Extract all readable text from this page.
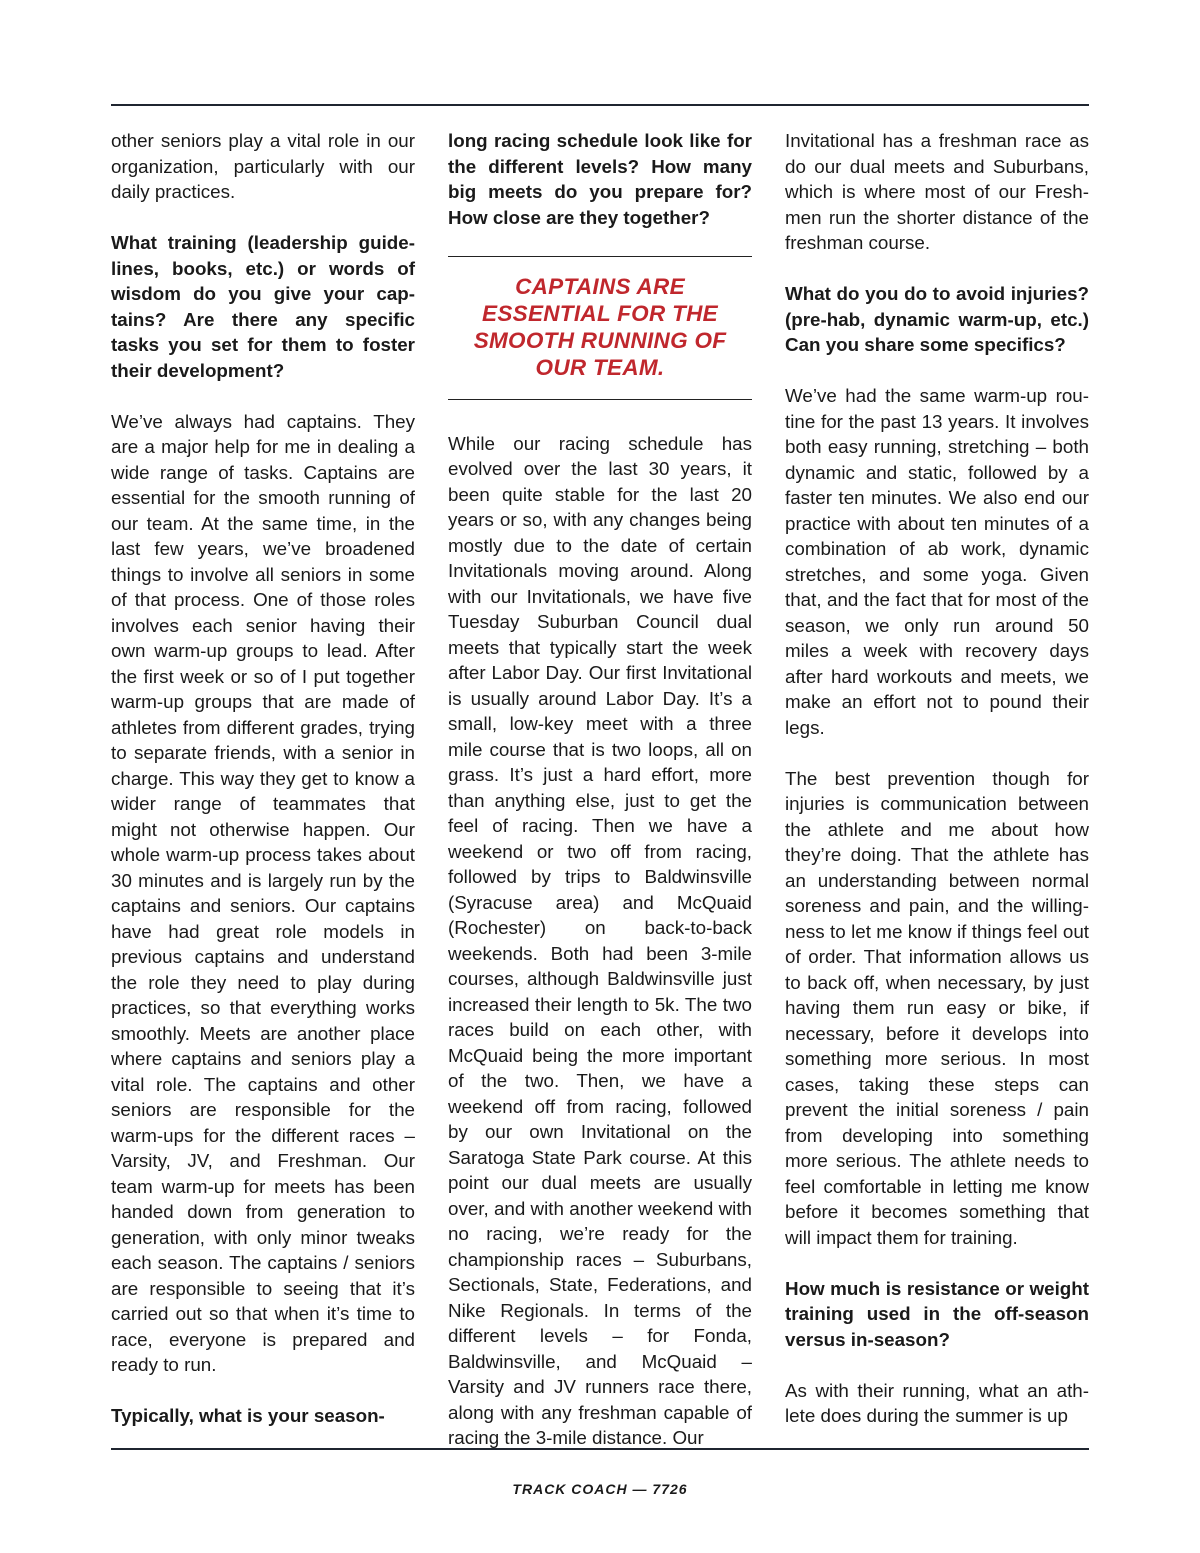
other seniors play a vital role in our organization, particularly with our daily practices.

What training (leadership guidelines, books, etc.) or words of wisdom do you give your captains? Are there any specific tasks you set for them to foster their development?

We’ve always had captains. They are a major help for me in dealing a wide range of tasks. Captains are essential for the smooth running of our team. At the same time, in the last few years, we’ve broadened things to involve all seniors in some of that process. One of those roles involves each senior having their own warm-up groups to lead. After the first week or so of I put together warm-up groups that are made of athletes from different grades, trying to separate friends, with a senior in charge. This way they get to know a wider range of teammates that might not otherwise happen. Our whole warm-up process takes about 30 minutes and is largely run by the captains and seniors. Our captains have had great role models in previous captains and understand the role they need to play during practices, so that everything works smoothly. Meets are another place where captains and seniors play a vital role. The captains and other seniors are responsible for the warm-ups for the different races – Varsity, JV, and Freshman. Our team warm-up for meets has been handed down from generation to generation, with only minor tweaks each season. The captains / seniors are responsible to seeing that it’s carried out so that when it’s time to race, everyone is prepared and ready to run.

Typically, what is your season-

long racing schedule look like for the different levels? How many big meets do you prepare for? How close are they together?

CAPTAINS ARE ESSENTIAL FOR THE SMOOTH RUNNING OF OUR TEAM.

While our racing schedule has evolved over the last 30 years, it been quite stable for the last 20 years or so, with any changes being mostly due to the date of certain Invitationals moving around. Along with our Invitationals, we have five Tuesday Suburban Council dual meets that typically start the week after Labor Day. Our first Invitational is usually around Labor Day. It’s a small, low-key meet with a three mile course that is two loops, all on grass. It’s just a hard effort, more than anything else, just to get the feel of racing. Then we have a weekend or two off from racing, followed by trips to Baldwinsville (Syracuse area) and McQuaid (Rochester) on back-to-back weekends. Both had been 3-mile courses, although Baldwinsville just increased their length to 5k. The two races build on each other, with McQuaid being the more important of the two. Then, we have a weekend off from racing, followed by our own Invitational on the Saratoga State Park course. At this point our dual meets are usually over, and with another weekend with no racing, we’re ready for the championship races – Suburbans, Sectionals, State, Federations, and Nike Regionals. In terms of the different levels – for Fonda, Baldwinsville, and McQuaid – Varsity and JV runners race there, along with any freshman capable of racing the 3-mile distance. Our

Invitational has a freshman race as do our dual meets and Suburbans, which is where most of our Freshmen run the shorter distance of the freshman course.

What do you do to avoid injuries? (pre-hab, dynamic warm-up, etc.) Can you share some specifics?

We’ve had the same warm-up routine for the past 13 years. It involves both easy running, stretching – both dynamic and static, followed by a faster ten minutes. We also end our practice with about ten minutes of a combination of ab work, dynamic stretches, and some yoga. Given that, and the fact that for most of the season, we only run around 50 miles a week with recovery days after hard workouts and meets, we make an effort not to pound their legs.

The best prevention though for injuries is communication between the athlete and me about how they’re doing. That the athlete has an understanding between normal soreness and pain, and the willingness to let me know if things feel out of order. That information allows us to back off, when necessary, by just having them run easy or bike, if necessary, before it develops into something more serious. In most cases, taking these steps can prevent the initial soreness / pain from developing into something more serious. The athlete needs to feel comfortable in letting me know before it becomes something that will impact them for training.

How much is resistance or weight training used in the off-season versus in-season?

As with their running, what an athlete does during the summer is up

TRACK COACH — 7726
